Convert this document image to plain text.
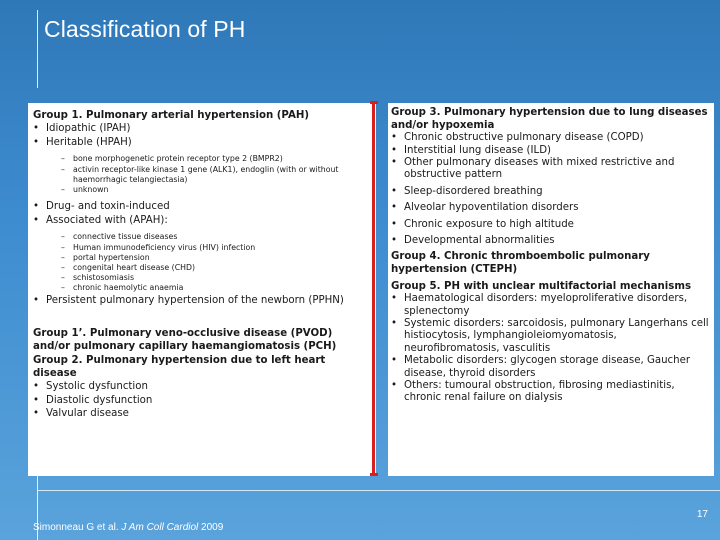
Classification of PH

Group 1. Pulmonary arterial hypertension (PAH)

• Idiopathic (IPAH)

• Heritable (HPAH)

– bone morphogenetic protein receptor type 2 (BMPR2)

– activin receptor-like kinase 1 gene (ALK1), endoglin (with or without haemorrhagic telangiectasia)

– unknown

• Drug- and toxin-induced

• Associated with (APAH):

– connective tissue diseases

– Human immunodeficiency virus (HIV) infection

– portal hypertension

– congenital heart disease (CHD)

– schistosomiasis

– chronic haemolytic anaemia

• Persistent pulmonary hypertension of the newborn (PPHN)

Group 1’. Pulmonary veno-occlusive disease (PVOD) and/or pulmonary capillary haemangiomatosis (PCH)

Group 2. Pulmonary hypertension due to left heart disease

• Systolic dysfunction

• Diastolic dysfunction

• Valvular disease

Group 3. Pulmonary hypertension due to lung diseases and/or hypoxemia

• Chronic obstructive pulmonary disease (COPD)

• Interstitial lung disease (ILD)

• Other pulmonary diseases with mixed restrictive and obstructive pattern

• Sleep-disordered breathing

• Alveolar hypoventilation disorders

• Chronic exposure to high altitude

• Developmental abnormalities

Group 4. Chronic thromboembolic pulmonary hypertension (CTEPH)

Group 5. PH with unclear multifactorial mechanisms

• Haematological disorders: myeloproliferative disorders, splenectomy

• Systemic disorders: sarcoidosis, pulmonary Langerhans cell histiocytosis, lymphangioleiomyomatosis, neurofibromatosis, vasculitis

• Metabolic disorders: glycogen storage disease, Gaucher disease, thyroid disorders

• Others: tumoural obstruction, fibrosing mediastinitis, chronic renal failure on dialysis

17
Simonneau G et al. J Am Coll Cardiol 2009
